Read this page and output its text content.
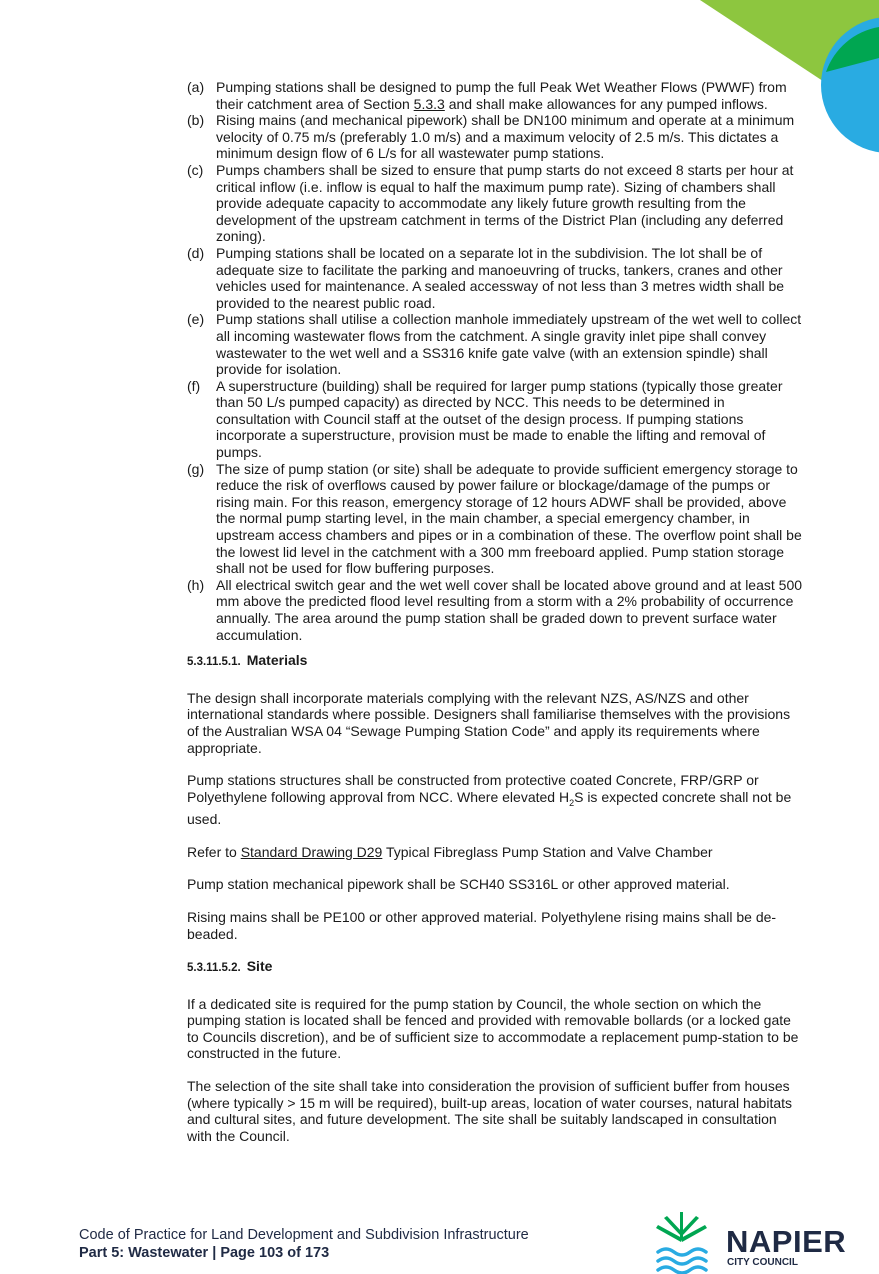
(a) Pumping stations shall be designed to pump the full Peak Wet Weather Flows (PWWF) from their catchment area of Section 5.3.3 and shall make allowances for any pumped inflows.
(b) Rising mains (and mechanical pipework) shall be DN100 minimum and operate at a minimum velocity of 0.75 m/s (preferably 1.0 m/s) and a maximum velocity of 2.5 m/s. This dictates a minimum design flow of 6 L/s for all wastewater pump stations.
(c) Pumps chambers shall be sized to ensure that pump starts do not exceed 8 starts per hour at critical inflow (i.e. inflow is equal to half the maximum pump rate). Sizing of chambers shall provide adequate capacity to accommodate any likely future growth resulting from the development of the upstream catchment in terms of the District Plan (including any deferred zoning).
(d) Pumping stations shall be located on a separate lot in the subdivision. The lot shall be of adequate size to facilitate the parking and manoeuvring of trucks, tankers, cranes and other vehicles used for maintenance. A sealed accessway of not less than 3 metres width shall be provided to the nearest public road.
(e) Pump stations shall utilise a collection manhole immediately upstream of the wet well to collect all incoming wastewater flows from the catchment. A single gravity inlet pipe shall convey wastewater to the wet well and a SS316 knife gate valve (with an extension spindle) shall provide for isolation.
(f) A superstructure (building) shall be required for larger pump stations (typically those greater than 50 L/s pumped capacity) as directed by NCC. This needs to be determined in consultation with Council staff at the outset of the design process. If pumping stations incorporate a superstructure, provision must be made to enable the lifting and removal of pumps.
(g) The size of pump station (or site) shall be adequate to provide sufficient emergency storage to reduce the risk of overflows caused by power failure or blockage/damage of the pumps or rising main. For this reason, emergency storage of 12 hours ADWF shall be provided, above the normal pump starting level, in the main chamber, a special emergency chamber, in upstream access chambers and pipes or in a combination of these. The overflow point shall be the lowest lid level in the catchment with a 300 mm freeboard applied. Pump station storage shall not be used for flow buffering purposes.
(h) All electrical switch gear and the wet well cover shall be located above ground and at least 500 mm above the predicted flood level resulting from a storm with a 2% probability of occurrence annually. The area around the pump station shall be graded down to prevent surface water accumulation.
5.3.11.5.1. Materials

The design shall incorporate materials complying with the relevant NZS, AS/NZS and other international standards where possible. Designers shall familiarise themselves with the provisions of the Australian WSA 04 “Sewage Pumping Station Code” and apply its requirements where appropriate.

Pump stations structures shall be constructed from protective coated Concrete, FRP/GRP or Polyethylene following approval from NCC. Where elevated $H_2S$ is expected concrete shall not be used.

Refer to Standard Drawing D29 Typical Fibreglass Pump Station and Valve Chamber

Pump station mechanical pipework shall be SCH40 SS316L or other approved material.

Rising mains shall be PE100 or other approved material. Polyethylene rising mains shall be de-beaded.

5.3.11.5.2. Site

If a dedicated site is required for the pump station by Council, the whole section on which the pumping station is located shall be fenced and provided with removable bollards (or a locked gate to Councils discretion), and be of sufficient size to accommodate a replacement pump-station to be constructed in the future.

The selection of the site shall take into consideration the provision of sufficient buffer from houses (where typically > 15 m will be required), built-up areas, location of water courses, natural habitats and cultural sites, and future development. The site shall be suitably landscaped in consultation with the Council.

Code of Practice for Land Development and Subdivision Infrastructure
Part 5: Wastewater | Page 103 of 173	NAPIER
CITY COUNCIL
